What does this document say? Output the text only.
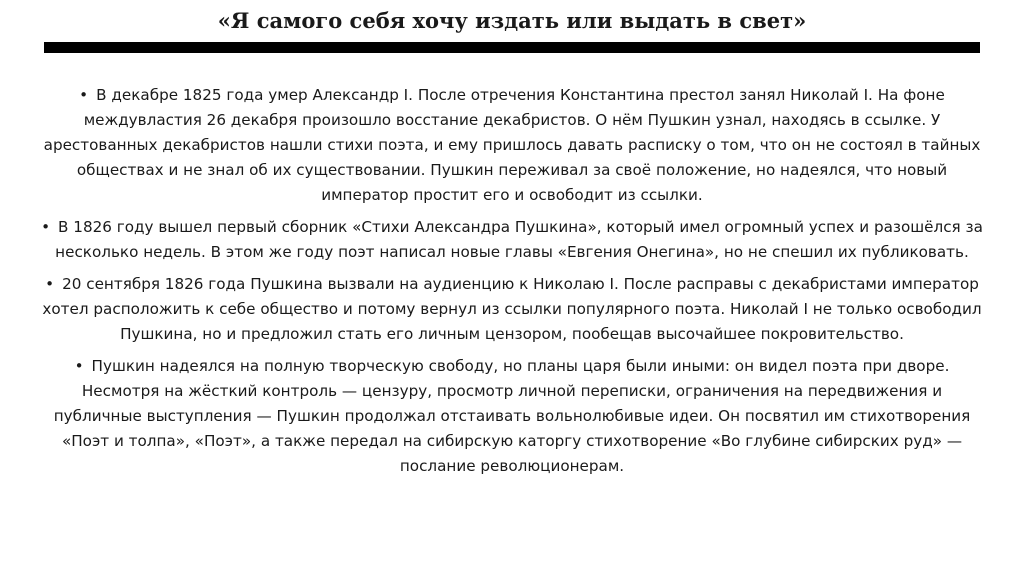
«Я самого себя хочу издать или выдать в свет»

• В декабре 1825 года умер Александр I. После отречения Константина престол занял Николай I. На фоне междувластия 26 декабря произошло восстание декабристов. О нём Пушкин узнал, находясь в ссылке. У арестованных декабристов нашли стихи поэта, и ему пришлось давать расписку о том, что он не состоял в тайных обществах и не знал об их существовании. Пушкин переживал за своё положение, но надеялся, что новый император простит его и освободит из ссылки.

• В 1826 году вышел первый сборник «Стихи Александра Пушкина», который имел огромный успех и разошёлся за несколько недель. В этом же году поэт написал новые главы «Евгения Онегина», но не спешил их публиковать.

• 20 сентября 1826 года Пушкина вызвали на аудиенцию к Николаю I. После расправы с декабристами император хотел расположить к себе общество и потому вернул из ссылки популярного поэта. Николай I не только освободил Пушкина, но и предложил стать его личным цензором, пообещав высочайшее покровительство.

• Пушкин надеялся на полную творческую свободу, но планы царя были иными: он видел поэта при дворе. Несмотря на жёсткий контроль — цензуру, просмотр личной переписки, ограничения на передвижения и публичные выступления — Пушкин продолжал отстаивать вольнолюбивые идеи. Он посвятил им стихотворения «Поэт и толпа», «Поэт», а также передал на сибирскую каторгу стихотворение «Во глубине сибирских руд» — послание революционерам.
